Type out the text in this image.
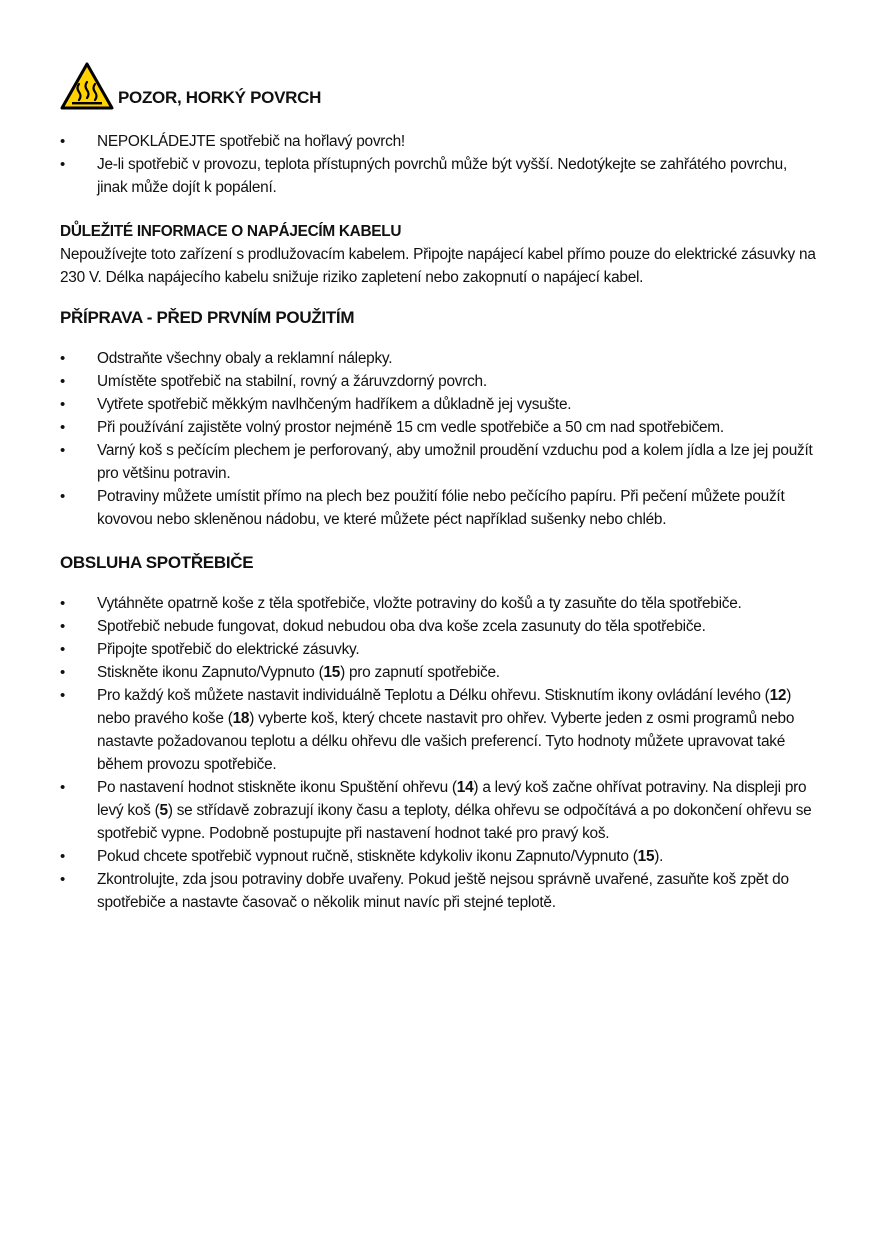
POZOR, HORKÝ POVRCH
• NEPOKLÁDEJTE spotřebič na hořlavý povrch!
• Je-li spotřebič v provozu, teplota přístupných povrchů může být vyšší. Nedotýkejte se zahřátého povrchu, jinak může dojít k popálení.
DŮLEŽITÉ INFORMACE O NAPÁJECÍM KABELU
Nepoužívejte toto zařízení s prodlužovacím kabelem. Připojte napájecí kabel přímo pouze do elektrické zásuvky na 230 V. Délka napájecího kabelu snižuje riziko zapletení nebo zakopnutí o napájecí kabel.
PŘÍPRAVA - PŘED PRVNÍM POUŽITÍM
• Odstraňte všechny obaly a reklamní nálepky.
• Umístěte spotřebič na stabilní, rovný a žáruvzdorný povrch.
• Vytřete spotřebič měkkým navlhčeným hadříkem a důkladně jej vysušte.
• Při používání zajistěte volný prostor nejméně 15 cm vedle spotřebiče a 50 cm nad spotřebičem.
• Varný koš s pečícím plechem je perforovaný, aby umožnil proudění vzduchu pod a kolem jídla a lze jej použít pro většinu potravin.
• Potraviny můžete umístit přímo na plech bez použití fólie nebo pečícího papíru. Při pečení můžete použít kovovou nebo skleněnou nádobu, ve které můžete péct například sušenky nebo chléb.
OBSLUHA SPOTŘEBIČE
• Vytáhněte opatrně koše z těla spotřebiče, vložte potraviny do košů a ty zasuňte do těla spotřebiče.
• Spotřebič nebude fungovat, dokud nebudou oba dva koše zcela zasunuty do těla spotřebiče.
• Připojte spotřebič do elektrické zásuvky.
• Stiskněte ikonu Zapnuto/Vypnuto (15) pro zapnutí spotřebiče.
• Pro každý koš můžete nastavit individuálně Teplotu a Délku ohřevu. Stisknutím ikony ovládání levého (12) nebo pravého koše (18) vyberte koš, který chcete nastavit pro ohřev. Vyberte jeden z osmi programů nebo nastavte požadovanou teplotu a délku ohřevu dle vašich preferencí. Tyto hodnoty můžete upravovat také během provozu spotřebiče.
• Po nastavení hodnot stiskněte ikonu Spuštění ohřevu (14) a levý koš začne ohřívat potraviny. Na displeji pro levý koš (5) se střídavě zobrazují ikony času a teploty, délka ohřevu se odpočítává a po dokončení ohřevu se spotřebič vypne. Podobně postupujte při nastavení hodnot také pro pravý koš.
• Pokud chcete spotřebič vypnout ručně, stiskněte kdykoliv ikonu Zapnuto/Vypnuto (15).
• Zkontrolujte, zda jsou potraviny dobře uvařeny. Pokud ještě nejsou správně uvařené, zasuňte koš zpět do spotřebiče a nastavte časovač o několik minut navíc při stejné teplotě.
